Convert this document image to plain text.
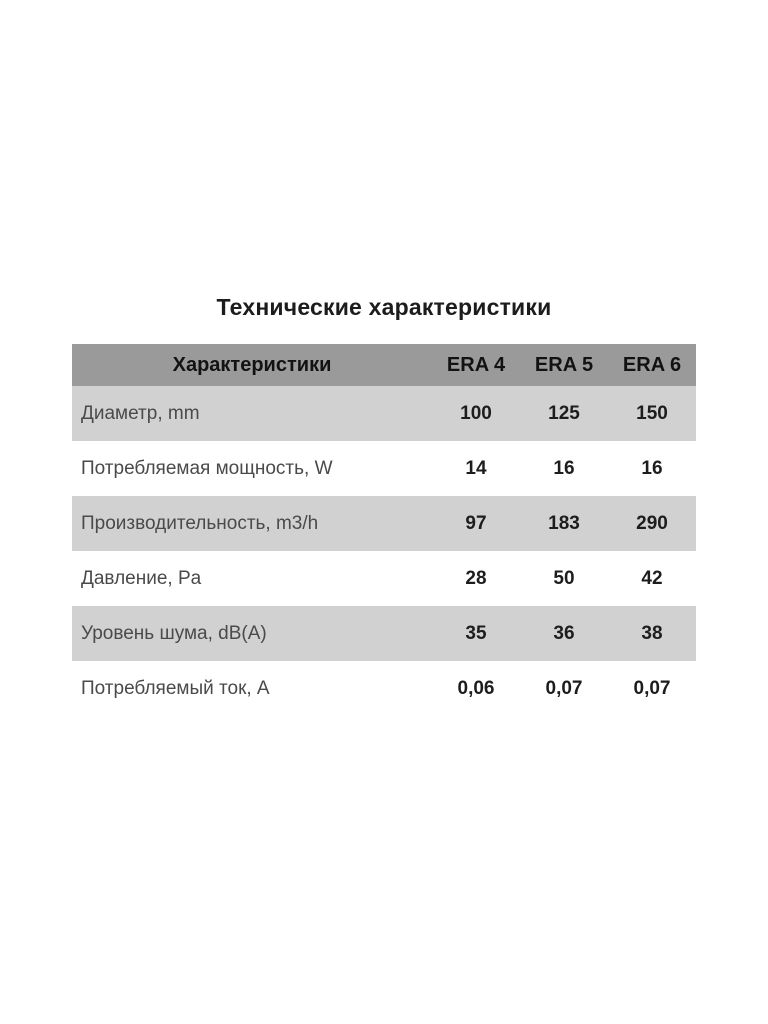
Технические характеристики
Характеристики	ERA 4	ERA 5	ERA 6
Диаметр, mm	100	125	150
Потребляемая мощность, W	14	16	16
Производительность, m3/h	97	183	290
Давление, Pa	28	50	42
Уровень шума, dB(A)	35	36	38
Потребляемый ток, A	0,06	0,07	0,07
